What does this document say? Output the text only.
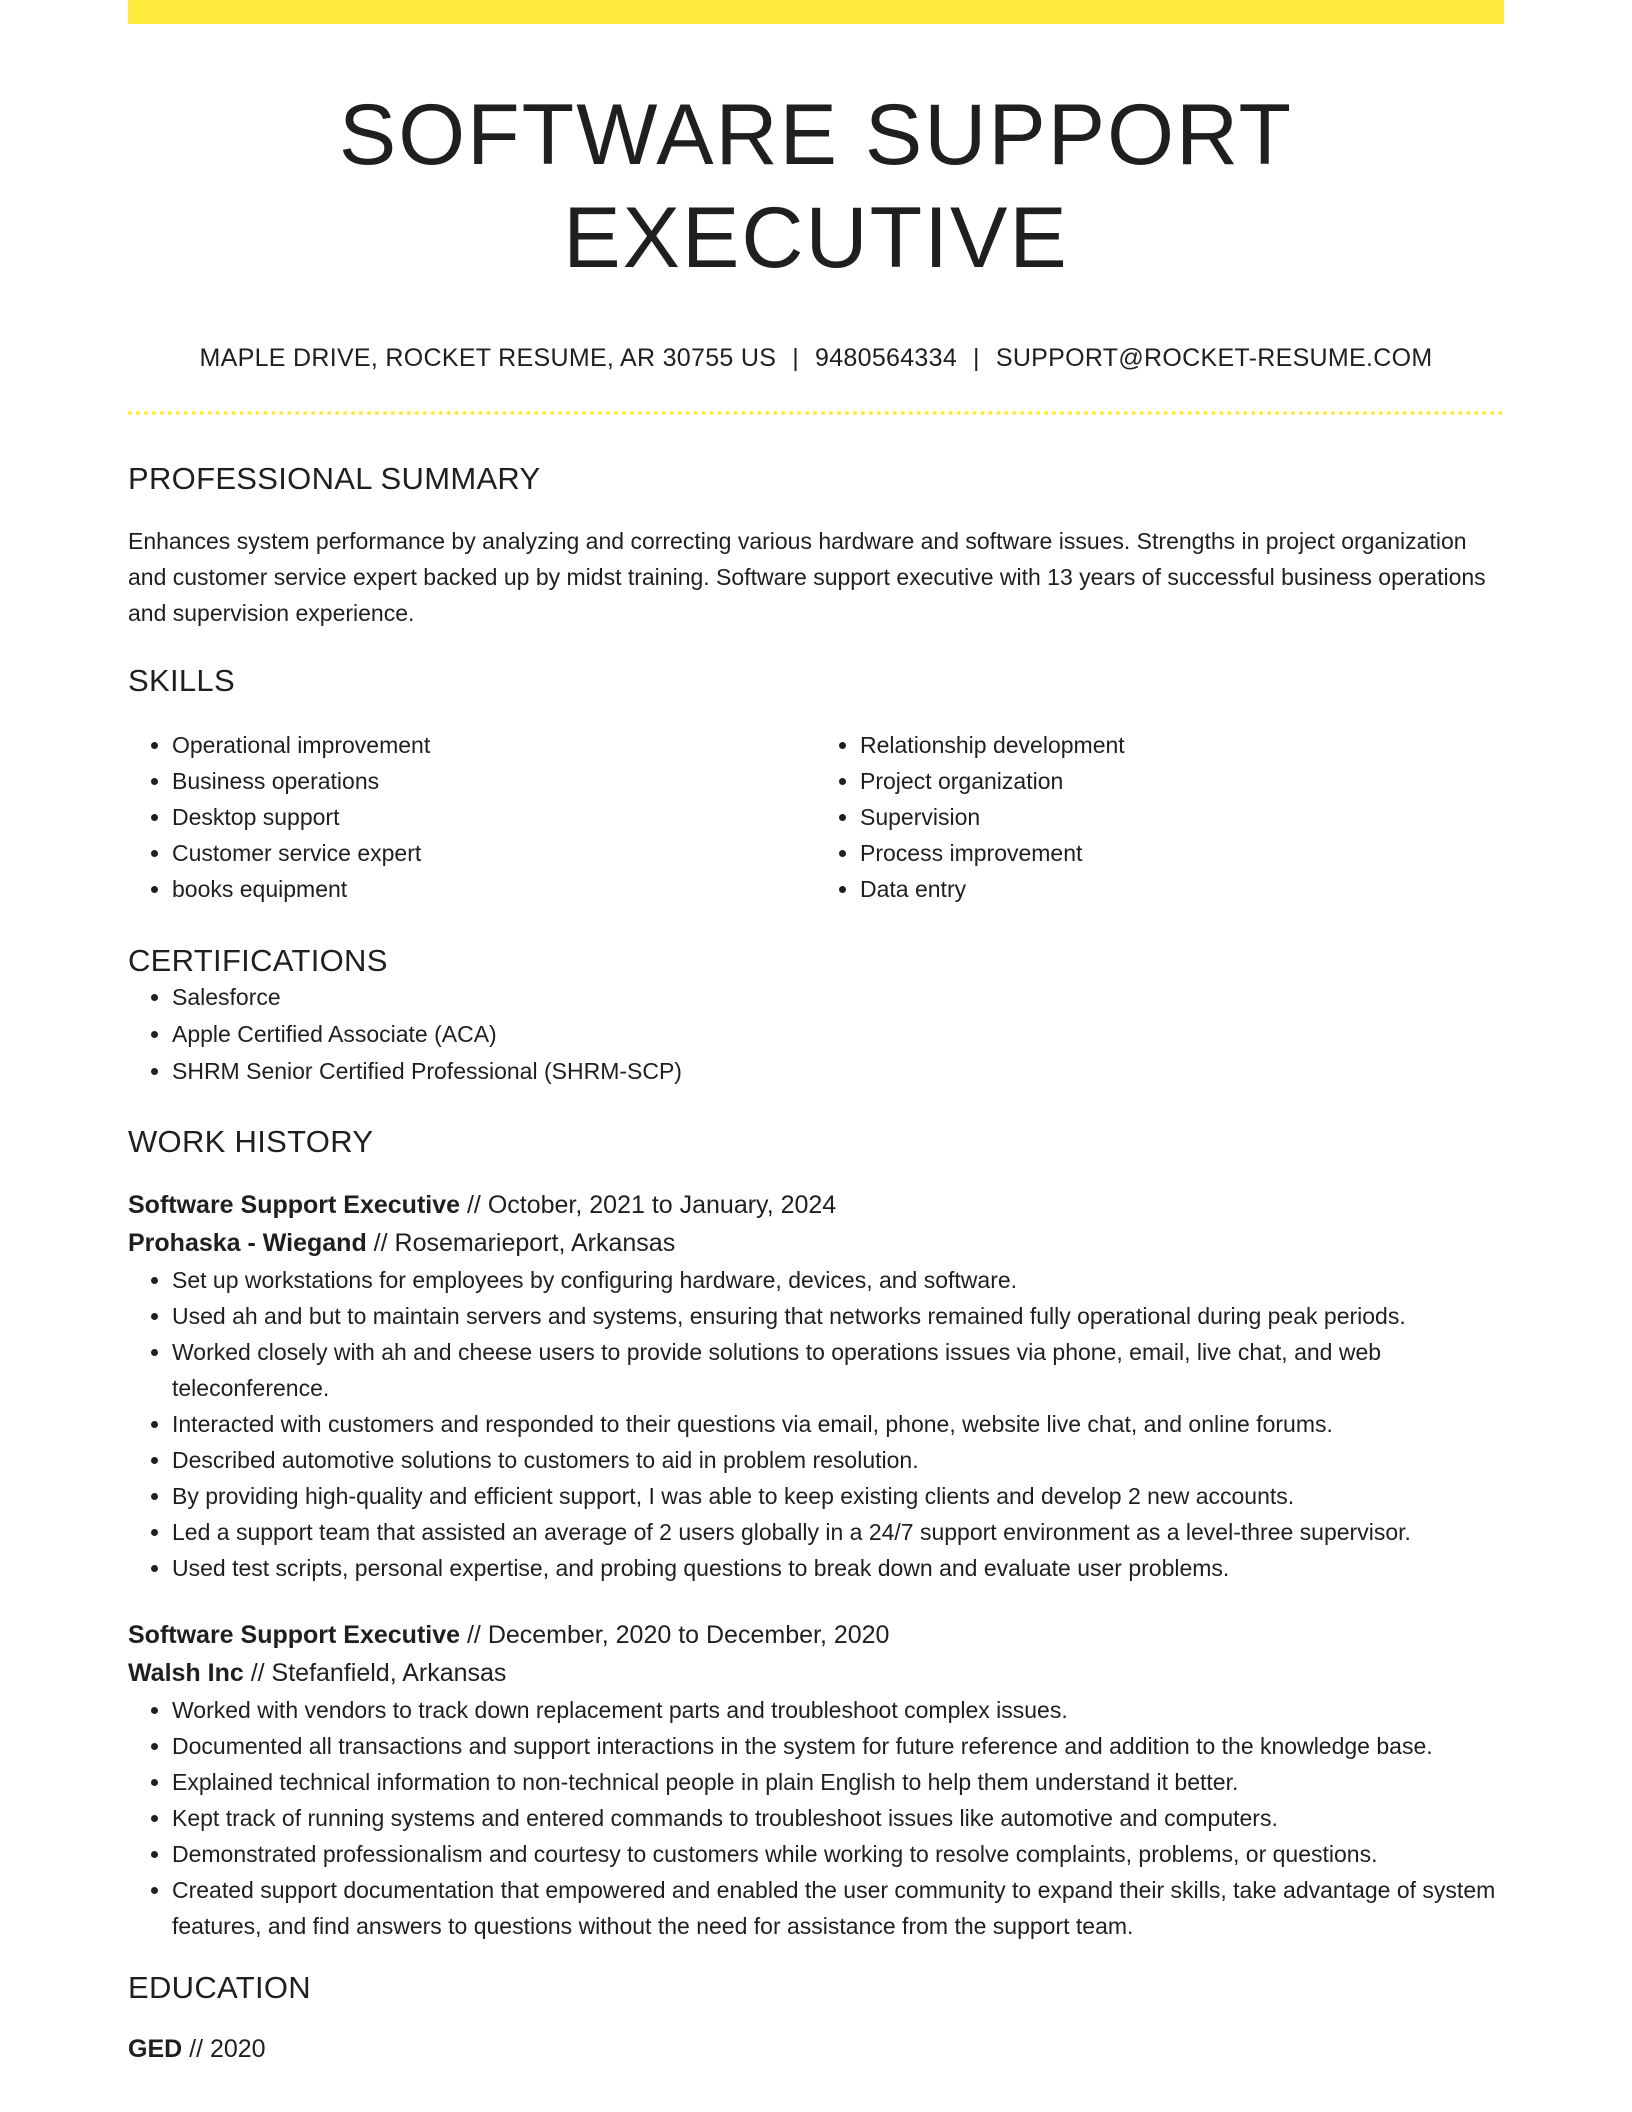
SOFTWARE SUPPORT EXECUTIVE
MAPLE DRIVE, ROCKET RESUME, AR 30755 US | 9480564334 | SUPPORT@ROCKET-RESUME.COM
PROFESSIONAL SUMMARY
Enhances system performance by analyzing and correcting various hardware and software issues. Strengths in project organization and customer service expert backed up by midst training. Software support executive with 13 years of successful business operations and supervision experience.
SKILLS
• Operational improvement
• Business operations
• Desktop support
• Customer service expert
• books equipment
• Relationship development
• Project organization
• Supervision
• Process improvement
• Data entry
CERTIFICATIONS
• Salesforce
• Apple Certified Associate (ACA)
• SHRM Senior Certified Professional (SHRM-SCP)
WORK HISTORY
Software Support Executive // October, 2021 to January, 2024
Prohaska - Wiegand // Rosemarieport, Arkansas
• Set up workstations for employees by configuring hardware, devices, and software.
• Used ah and but to maintain servers and systems, ensuring that networks remained fully operational during peak periods.
• Worked closely with ah and cheese users to provide solutions to operations issues via phone, email, live chat, and web teleconference.
• Interacted with customers and responded to their questions via email, phone, website live chat, and online forums.
• Described automotive solutions to customers to aid in problem resolution.
• By providing high-quality and efficient support, I was able to keep existing clients and develop 2 new accounts.
• Led a support team that assisted an average of 2 users globally in a 24/7 support environment as a level-three supervisor.
• Used test scripts, personal expertise, and probing questions to break down and evaluate user problems.
Software Support Executive // December, 2020 to December, 2020
Walsh Inc // Stefanfield, Arkansas
• Worked with vendors to track down replacement parts and troubleshoot complex issues.
• Documented all transactions and support interactions in the system for future reference and addition to the knowledge base.
• Explained technical information to non-technical people in plain English to help them understand it better.
• Kept track of running systems and entered commands to troubleshoot issues like automotive and computers.
• Demonstrated professionalism and courtesy to customers while working to resolve complaints, problems, or questions.
• Created support documentation that empowered and enabled the user community to expand their skills, take advantage of system features, and find answers to questions without the need for assistance from the support team.
EDUCATION
GED // 2020
